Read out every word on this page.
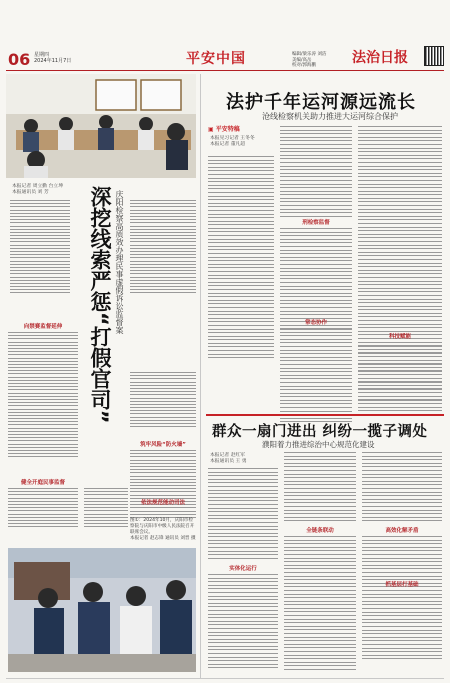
06 星期四
2024年11月7日	平安中国	编辑/梁乐涛 刘洁
美编/高岳
校对/郭海鹏	法治日报
本报记者 周立勤 台立坤
本报通讯员 刘 芳	深挖线索严惩“打假官司” 庆阳检察高质效办理民事虚假诉讼监督案
向禁赛监督延伸
健全开庭民事监督
筑牢风险“防火墙”
图①：2024年10月，庆阳市检察院与庆阳市中级人民法院召开联席会议。
本报记者 赵志锋 通讯员 刘晋 摄
依法规范能动司法
法护千年运河源远流长
沧线检察机关助力推进大运河综合保护
▣ 平安特稿
本报见习记者 王冬冬
本报记者 董凡超
刑检察监督
常态协作
科技赋能
群众一扇门进出 纠纷一揽子调处
濮阳着力推进综治中心规范化建设
本报记者 赵红军
本报通讯员 王 勇
实体化运行
全链条联动	高效化解矛盾
抓基层打基础
